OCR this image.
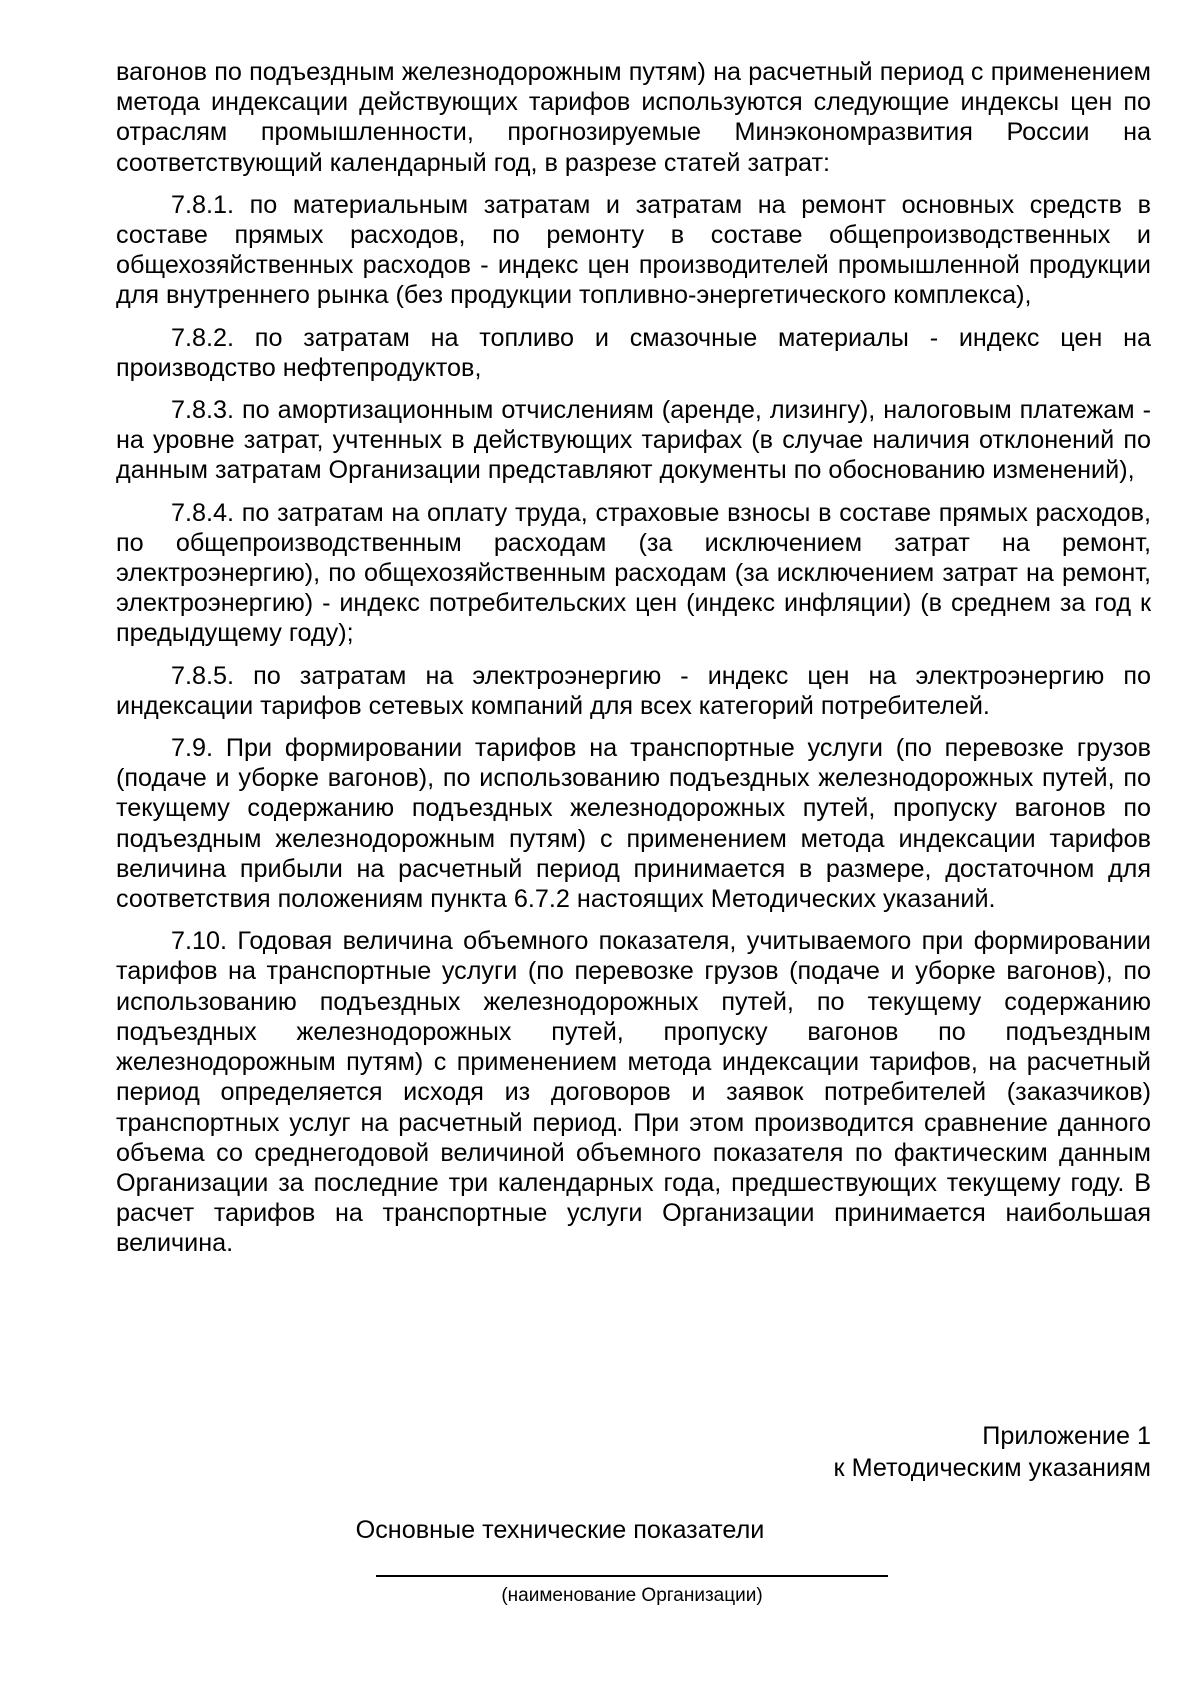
вагонов по подъездным железнодорожным путям) на расчетный период с применением метода индексации действующих тарифов используются следующие индексы цен по отраслям промышленности, прогнозируемые Минэкономразвития России на соответствующий календарный год, в разрезе статей затрат:

7.8.1. по материальным затратам и затратам на ремонт основных средств в составе прямых расходов, по ремонту в составе общепроизводственных и общехозяйственных расходов - индекс цен производителей промышленной продукции для внутреннего рынка (без продукции топливно-энергетического комплекса),

7.8.2. по затратам на топливо и смазочные материалы - индекс цен на производство нефтепродуктов,

7.8.3. по амортизационным отчислениям (аренде, лизингу), налоговым платежам - на уровне затрат, учтенных в действующих тарифах (в случае наличия отклонений по данным затратам Организации представляют документы по обоснованию изменений),

7.8.4. по затратам на оплату труда, страховые взносы в составе прямых расходов, по общепроизводственным расходам (за исключением затрат на ремонт, электроэнергию), по общехозяйственным расходам (за исключением затрат на ремонт, электроэнергию) - индекс потребительских цен (индекс инфляции) (в среднем за год к предыдущему году);

7.8.5. по затратам на электроэнергию - индекс цен на электроэнергию по индексации тарифов сетевых компаний для всех категорий потребителей.

7.9. При формировании тарифов на транспортные услуги (по перевозке грузов (подаче и уборке вагонов), по использованию подъездных железнодорожных путей, по текущему содержанию подъездных железнодорожных путей, пропуску вагонов по подъездным железнодорожным путям) с применением метода индексации тарифов величина прибыли на расчетный период принимается в размере, достаточном для соответствия положениям пункта 6.7.2 настоящих Методических указаний.

7.10. Годовая величина объемного показателя, учитываемого при формировании тарифов на транспортные услуги (по перевозке грузов (подаче и уборке вагонов), по использованию подъездных железнодорожных путей, по текущему содержанию подъездных железнодорожных путей, пропуску вагонов по подъездным железнодорожным путям) с применением метода индексации тарифов, на расчетный период определяется исходя из договоров и заявок потребителей (заказчиков) транспортных услуг на расчетный период. При этом производится сравнение данного объема со среднегодовой величиной объемного показателя по фактическим данным Организации за последние три календарных года, предшествующих текущему году. В расчет тарифов на транспортные услуги Организации принимается наибольшая величина.

Приложение 1
к Методическим указаниям
Основные технические показатели
(наименование Организации)
